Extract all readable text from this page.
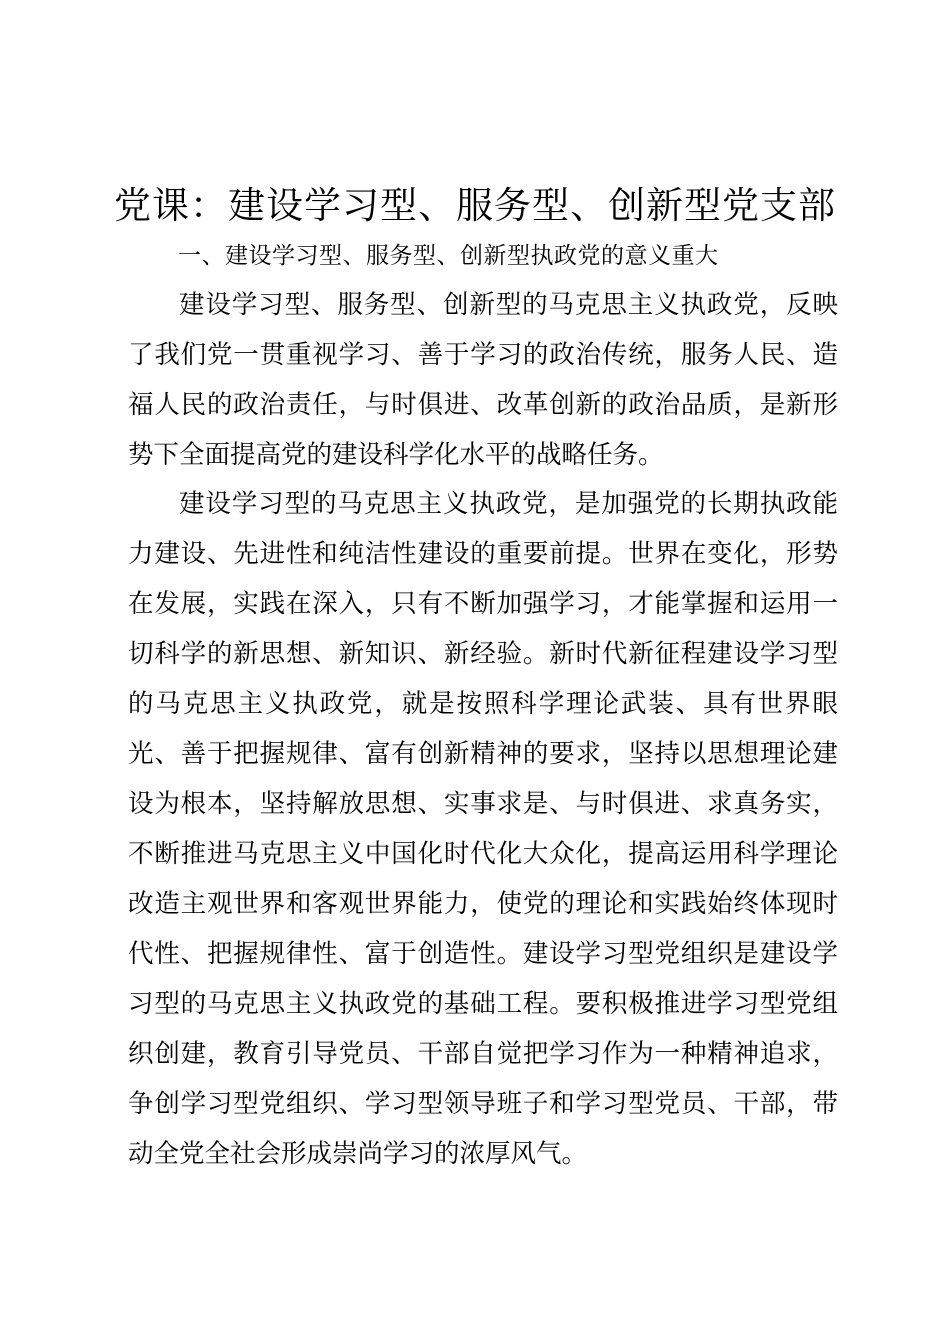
党课：建设学习型、服务型、创新型党支部

一、建设学习型、服务型、创新型执政党的意义重大

建设学习型、服务型、创新型的马克思主义执政党，反映了我们党一贯重视学习、善于学习的政治传统，服务人民、造福人民的政治责任，与时俱进、改革创新的政治品质，是新形势下全面提高党的建设科学化水平的战略任务。

建设学习型的马克思主义执政党，是加强党的长期执政能力建设、先进性和纯洁性建设的重要前提。世界在变化，形势在发展，实践在深入，只有不断加强学习，才能掌握和运用一切科学的新思想、新知识、新经验。新时代新征程建设学习型的马克思主义执政党，就是按照科学理论武装、具有世界眼光、善于把握规律、富有创新精神的要求，坚持以思想理论建设为根本，坚持解放思想、实事求是、与时俱进、求真务实，不断推进马克思主义中国化时代化大众化，提高运用科学理论改造主观世界和客观世界能力，使党的理论和实践始终体现时代性、把握规律性、富于创造性。建设学习型党组织是建设学习型的马克思主义执政党的基础工程。要积极推进学习型党组织创建，教育引导党员、干部自觉把学习作为一种精神追求，争创学习型党组织、学习型领导班子和学习型党员、干部，带动全党全社会形成崇尚学习的浓厚风气。
